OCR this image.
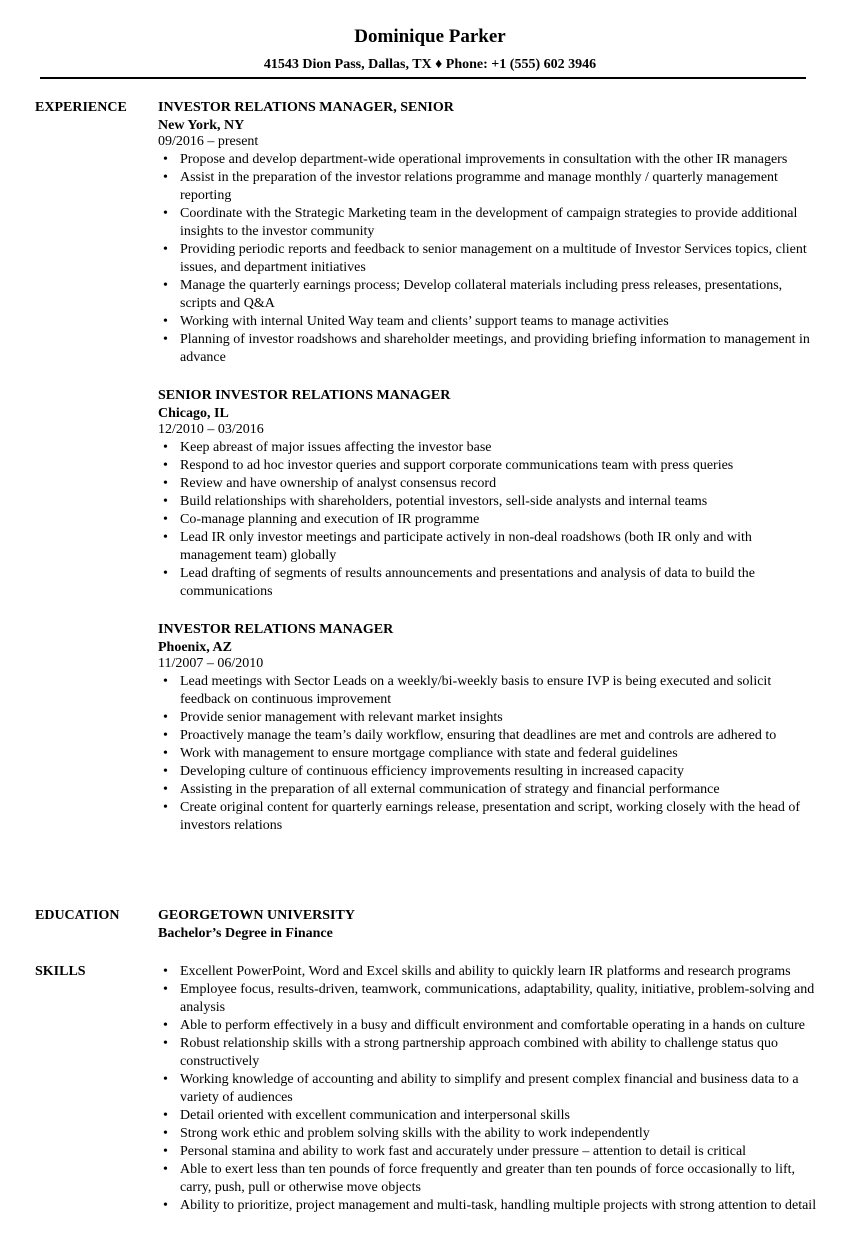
Dominique Parker
41543 Dion Pass, Dallas, TX ♦ Phone: +1 (555) 602 3946
EXPERIENCE INVESTOR RELATIONS MANAGER, SENIOR
New York, NY
09/2016 – present
• Propose and develop department-wide operational improvements in consultation with the other IR managers
• Assist in the preparation of the investor relations programme and manage monthly / quarterly management reporting
• Coordinate with the Strategic Marketing team in the development of campaign strategies to provide additional insights to the investor community
• Providing periodic reports and feedback to senior management on a multitude of Investor Services topics, client issues, and department initiatives
• Manage the quarterly earnings process; Develop collateral materials including press releases, presentations, scripts and Q&A
• Working with internal United Way team and clients’ support teams to manage activities
• Planning of investor roadshows and shareholder meetings, and providing briefing information to management in advance
SENIOR INVESTOR RELATIONS MANAGER
Chicago, IL
12/2010 – 03/2016
• Keep abreast of major issues affecting the investor base
• Respond to ad hoc investor queries and support corporate communications team with press queries
• Review and have ownership of analyst consensus record
• Build relationships with shareholders, potential investors, sell-side analysts and internal teams
• Co-manage planning and execution of IR programme
• Lead IR only investor meetings and participate actively in non-deal roadshows (both IR only and with management team) globally
• Lead drafting of segments of results announcements and presentations and analysis of data to build the communications
INVESTOR RELATIONS MANAGER
Phoenix, AZ
11/2007 – 06/2010
• Lead meetings with Sector Leads on a weekly/bi-weekly basis to ensure IVP is being executed and solicit feedback on continuous improvement
• Provide senior management with relevant market insights
• Proactively manage the team’s daily workflow, ensuring that deadlines are met and controls are adhered to
• Work with management to ensure mortgage compliance with state and federal guidelines
• Developing culture of continuous efficiency improvements resulting in increased capacity
• Assisting in the preparation of all external communication of strategy and financial performance
• Create original content for quarterly earnings release, presentation and script, working closely with the head of investors relations
EDUCATION	GEORGETOWN UNIVERSITY
Bachelor’s Degree in Finance
SKILLS
•	Excellent PowerPoint, Word and Excel skills and ability to quickly learn IR platforms and research programs
• Employee focus, results-driven, teamwork, communications, adaptability, quality, initiative, problem-solving and analysis
• Able to perform effectively in a busy and difficult environment and comfortable operating in a hands on culture
• Robust relationship skills with a strong partnership approach combined with ability to challenge status quo constructively
• Working knowledge of accounting and ability to simplify and present complex financial and business data to a variety of audiences
• Detail oriented with excellent communication and interpersonal skills
• Strong work ethic and problem solving skills with the ability to work independently
• Personal stamina and ability to work fast and accurately under pressure – attention to detail is critical
• Able to exert less than ten pounds of force frequently and greater than ten pounds of force occasionally to lift, carry, push, pull or otherwise move objects
• Ability to prioritize, project management and multi-task, handling multiple projects with strong attention to detail
